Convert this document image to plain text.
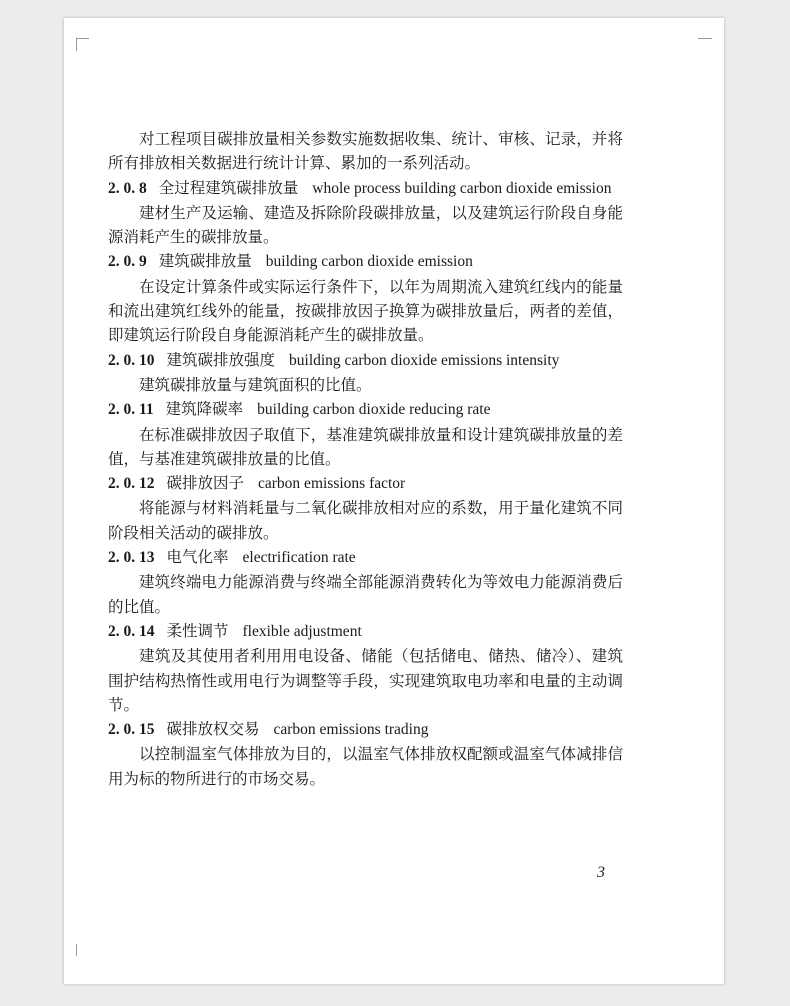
对工程项目碳排放量相关参数实施数据收集、统计、审核、记录，并将所有排放相关数据进行统计计算、累加的一系列活动。

2. 0. 8 全过程建筑碳排放量 whole process building carbon dioxide emission

建材生产及运输、建造及拆除阶段碳排放量，以及建筑运行阶段自身能源消耗产生的碳排放量。

2. 0. 9 建筑碳排放量 building carbon dioxide emission

在设定计算条件或实际运行条件下，以年为周期流入建筑红线内的能量和流出建筑红线外的能量，按碳排放因子换算为碳排放量后，两者的差值，即建筑运行阶段自身能源消耗产生的碳排放量。

2. 0. 10 建筑碳排放强度 building carbon dioxide emissions intensity

建筑碳排放量与建筑面积的比值。

2. 0. 11 建筑降碳率 building carbon dioxide reducing rate

在标准碳排放因子取值下，基准建筑碳排放量和设计建筑碳排放量的差值，与基准建筑碳排放量的比值。

2. 0. 12 碳排放因子 carbon emissions factor

将能源与材料消耗量与二氧化碳排放相对应的系数，用于量化建筑不同阶段相关活动的碳排放。

2. 0. 13 电气化率 electrification rate

建筑终端电力能源消费与终端全部能源消费转化为等效电力能源消费后的比值。

2. 0. 14 柔性调节 flexible adjustment

建筑及其使用者利用用电设备、储能（包括储电、储热、储冷）、建筑围护结构热惰性或用电行为调整等手段，实现建筑取电功率和电量的主动调节。

2. 0. 15 碳排放权交易 carbon emissions trading

以控制温室气体排放为目的，以温室气体排放权配额或温室气体减排信用为标的物所进行的市场交易。

3
